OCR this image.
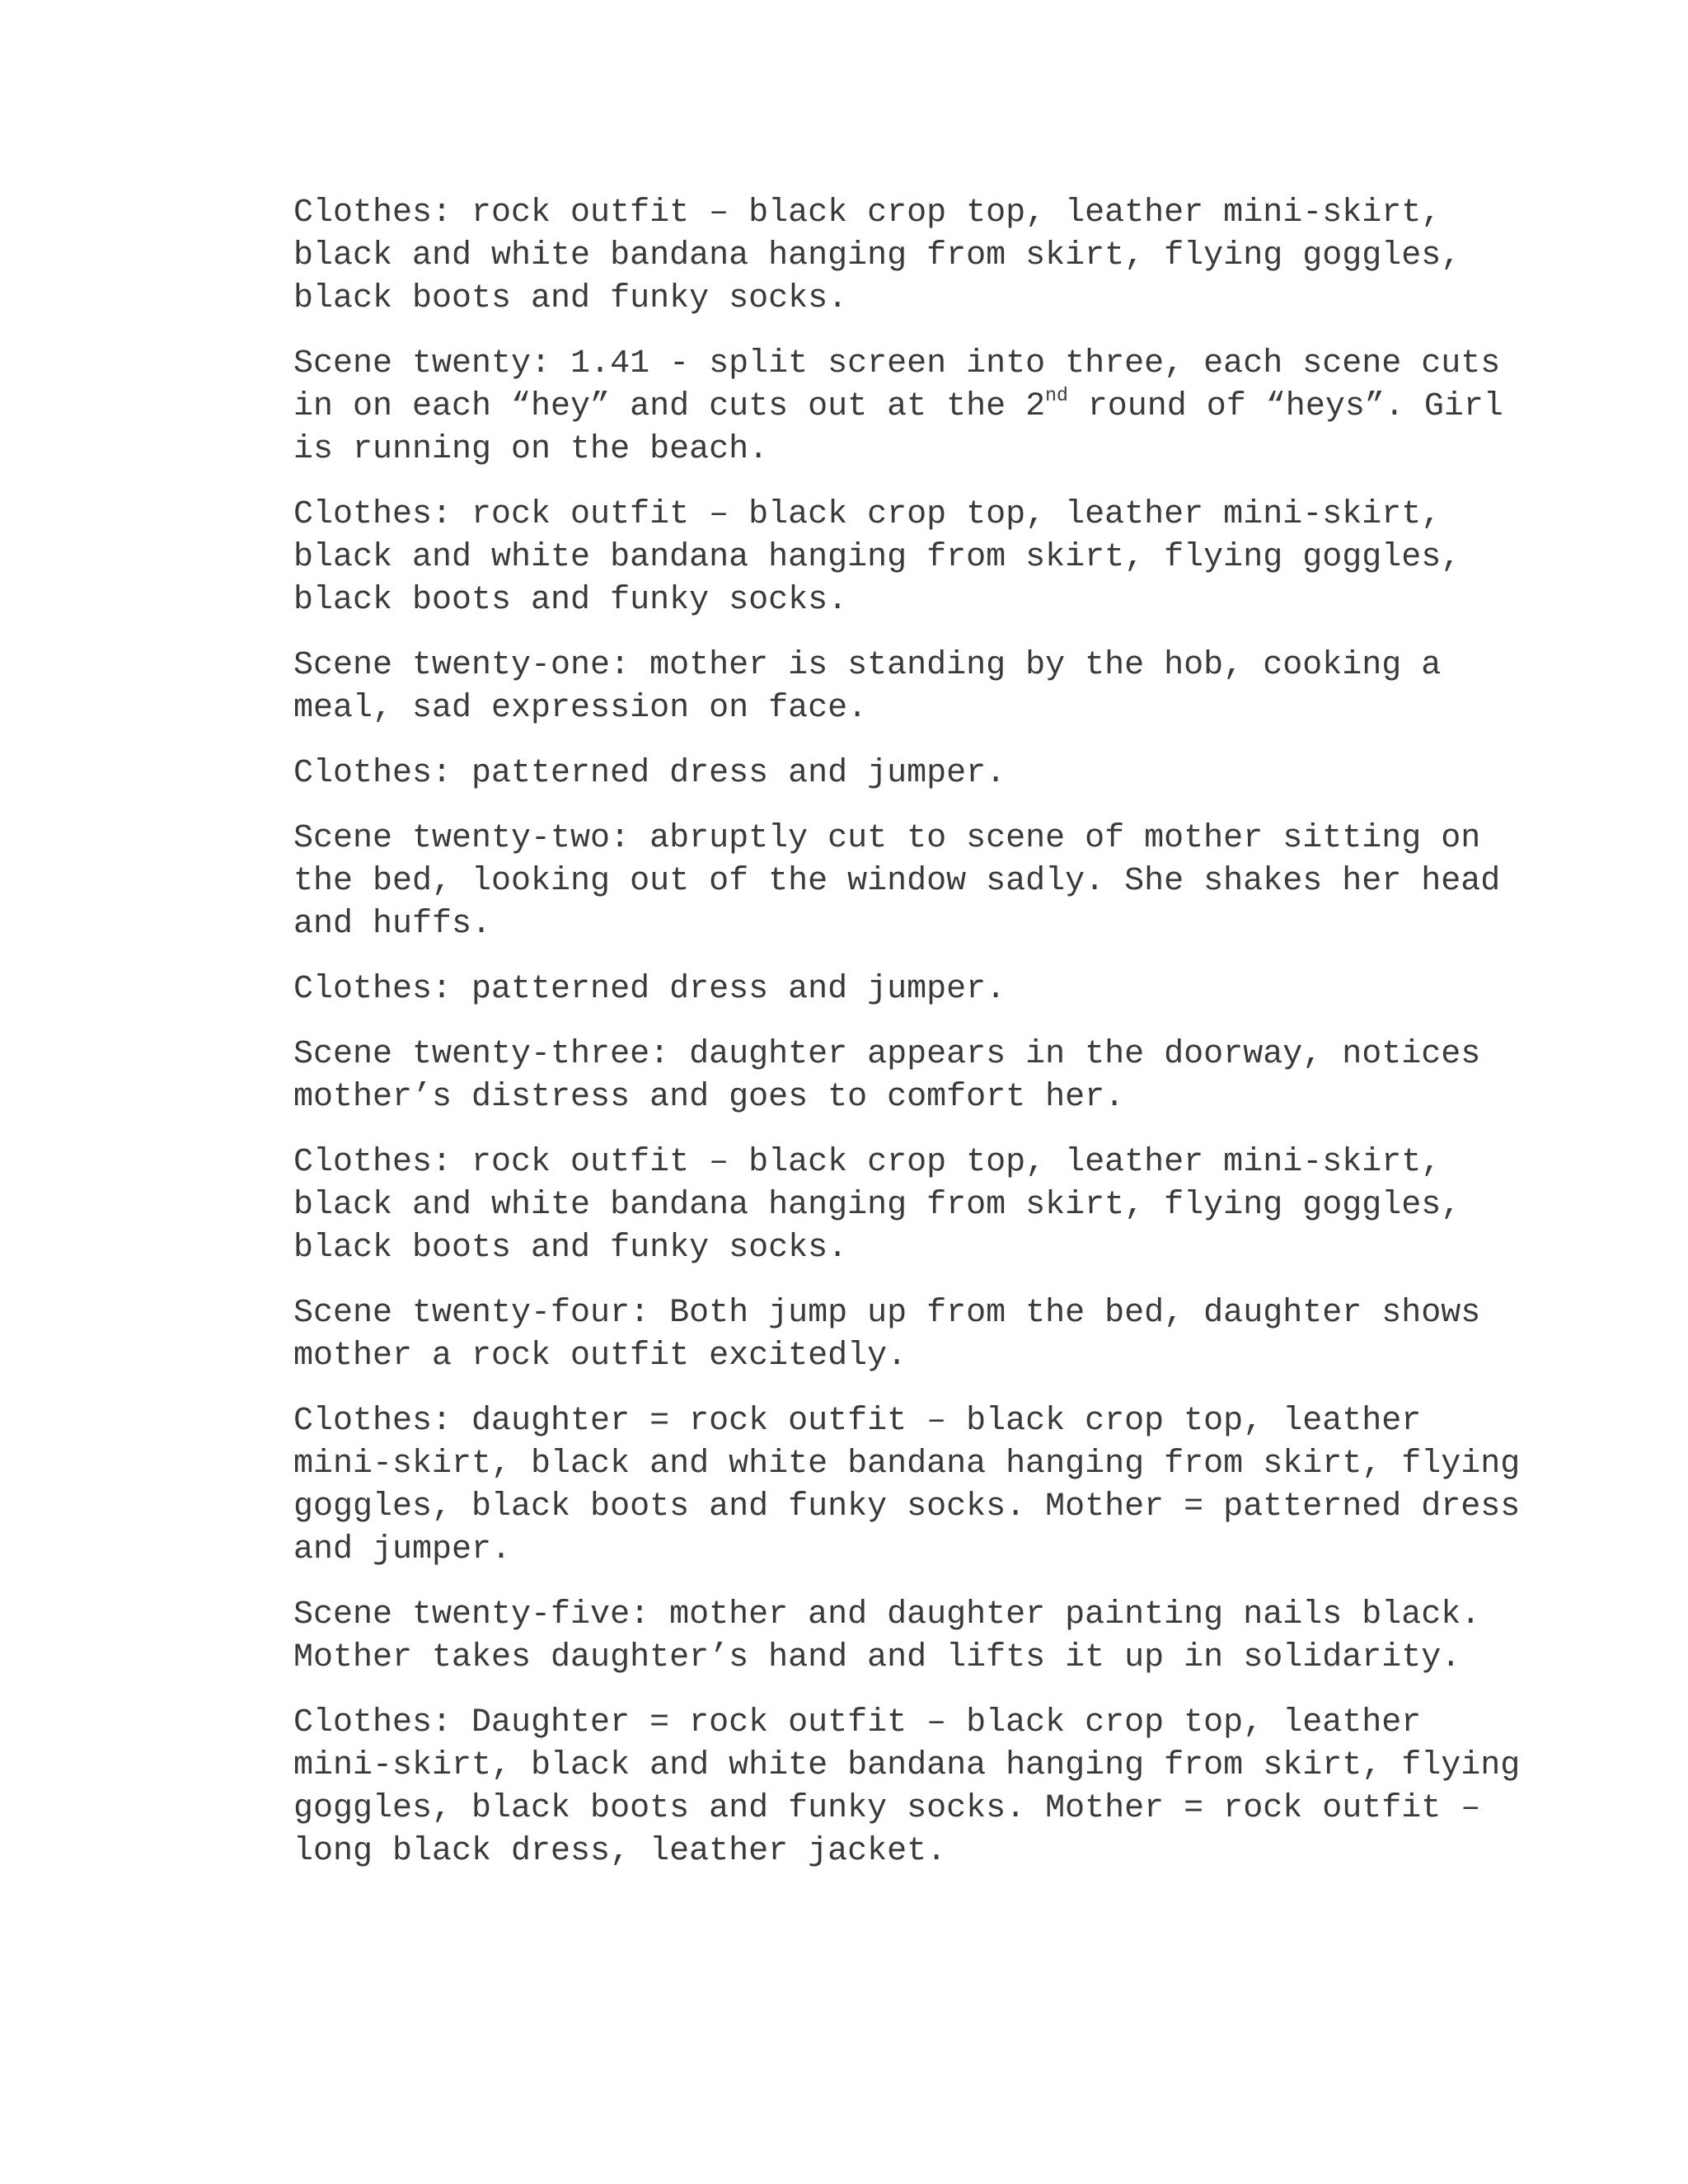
Clothes: rock outfit – black crop top, leather mini-skirt, black and white bandana hanging from skirt, flying goggles, black boots and funky socks.

Scene twenty: 1.41 - split screen into three, each scene cuts in on each “hey” and cuts out at the 2nd round of “heys”. Girl is running on the beach.

Clothes: rock outfit – black crop top, leather mini-skirt, black and white bandana hanging from skirt, flying goggles, black boots and funky socks.

Scene twenty-one: mother is standing by the hob, cooking a meal, sad expression on face.

Clothes: patterned dress and jumper.

Scene twenty-two: abruptly cut to scene of mother sitting on the bed, looking out of the window sadly. She shakes her head and huffs.

Clothes: patterned dress and jumper.

Scene twenty-three: daughter appears in the doorway, notices mother’s distress and goes to comfort her.

Clothes: rock outfit – black crop top, leather mini-skirt, black and white bandana hanging from skirt, flying goggles, black boots and funky socks.

Scene twenty-four: Both jump up from the bed, daughter shows mother a rock outfit excitedly.

Clothes: daughter = rock outfit – black crop top, leather mini-skirt, black and white bandana hanging from skirt, flying goggles, black boots and funky socks. Mother = patterned dress and jumper.

Scene twenty-five: mother and daughter painting nails black. Mother takes daughter’s hand and lifts it up in solidarity.

Clothes: Daughter = rock outfit – black crop top, leather mini-skirt, black and white bandana hanging from skirt, flying goggles, black boots and funky socks. Mother = rock outfit – long black dress, leather jacket.
